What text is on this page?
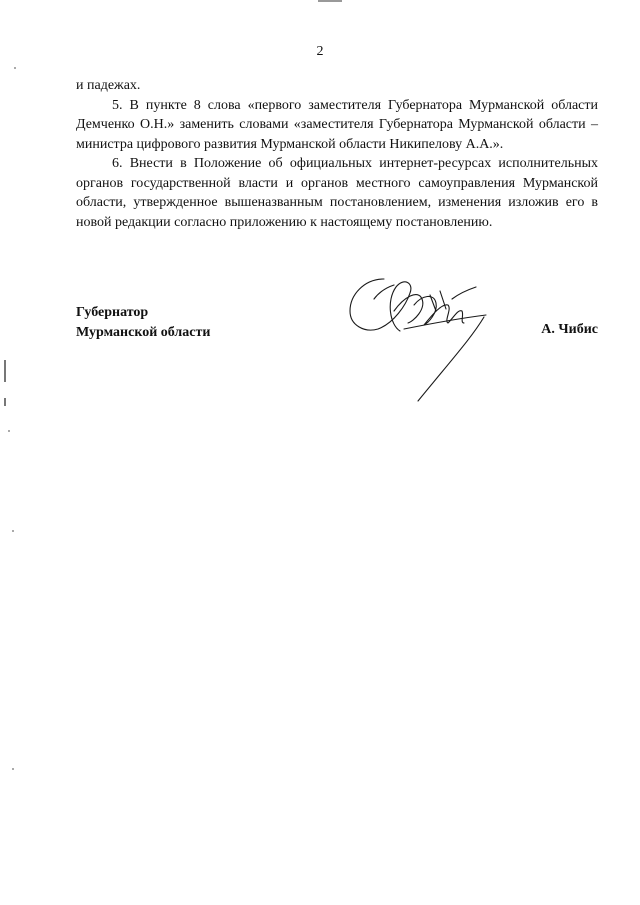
2

и падежах.

5. В пункте 8 слова «первого заместителя Губернатора Мурманской области Демченко О.Н.» заменить словами «заместителя Губернатора Мурманской области – министра цифрового развития Мурманской области Никипелову А.А.».

6. Внести в Положение об официальных интернет-ресурсах исполнительных органов государственной власти и органов местного самоуправления Мурманской области, утвержденное вышеназванным постановлением, изменения изложив его в новой редакции согласно приложению к настоящему постановлению.

Губернатор
Мурманской области	А. Чибис
